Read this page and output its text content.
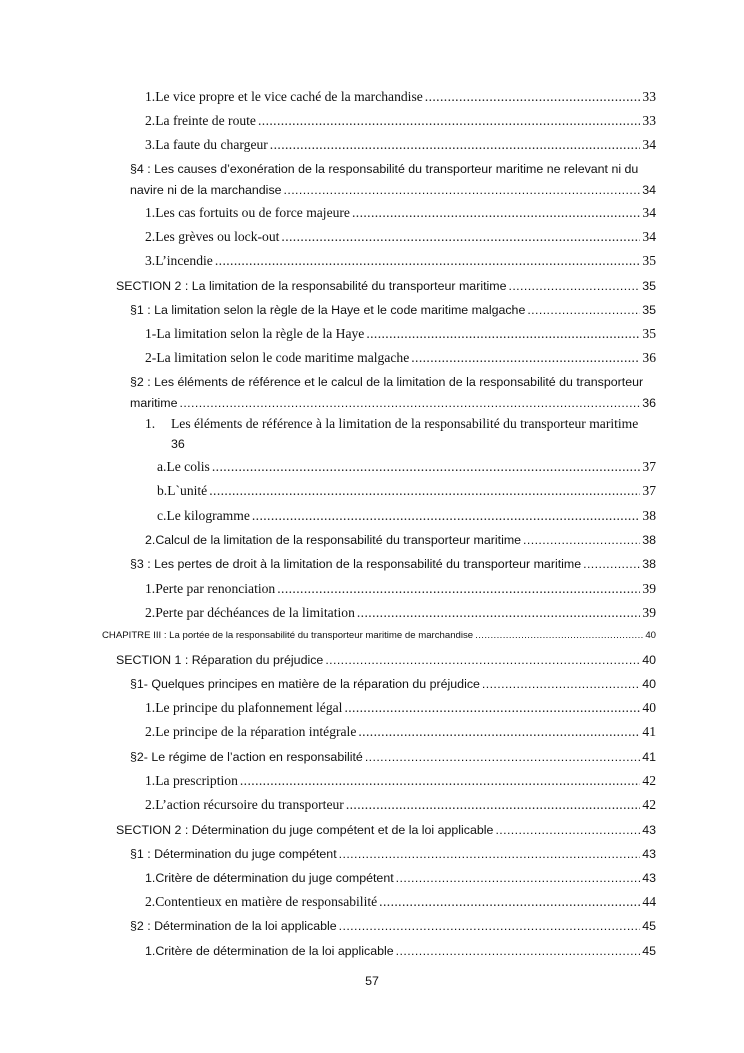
1. Le vice propre et le vice caché de la marchandise .....	33
2. La freinte de route .....	33
3. La faute du chargeur .....	34
§4 : Les causes d’exonération de la responsabilité du transporteur maritime ne relevant ni du
navire ni de la marchandise .....	34
1. Les cas fortuits ou de force majeure .....	34
2. Les grèves ou lock-out .....	34
3. L’incendie .....	35
SECTION 2 : La limitation de la responsabilité du transporteur maritime .....	35
§1 : La limitation selon la règle de la Haye et le code maritime malgache .....	35
1- La limitation selon la règle de la Haye .....	35
2- La limitation selon le code maritime malgache .....	36
§2 : Les éléments de référence et le calcul de la limitation de la responsabilité du transporteur
maritime .....	36
1.	Les éléments de référence à la limitation de la responsabilité du transporteur maritime
36
a. Le colis .....	37
b. L`unité .....	37
c. Le kilogramme .....	38
2. Calcul de la limitation de la responsabilité du transporteur maritime .....	38
§3 : Les pertes de droit à la limitation de la responsabilité du transporteur maritime .....	38
1. Perte par renonciation .....	39
2. Perte par déchéances de la limitation .....	39
CHAPITRE III : La portée de la responsabilité du transporteur maritime de marchandise .....	40
SECTION 1 : Réparation du préjudice .....	40
§1- Quelques principes en matière de la réparation du préjudice .....	40
1. Le principe du plafonnement légal .....	40
2. Le principe de la réparation intégrale .....	41
§2- Le régime de l’action en responsabilité .....	41
1. La prescription .....	42
2. L’action récursoire du transporteur .....	42
SECTION 2 : Détermination du juge compétent et de la loi applicable .....	43
§1 : Détermination du juge compétent .....	43
1. Critère de détermination du juge compétent .....	43
2. Contentieux en matière de responsabilité .....	44
§2 : Détermination de la loi applicable .....	45
1. Critère de détermination de la loi applicable .....	45
57
